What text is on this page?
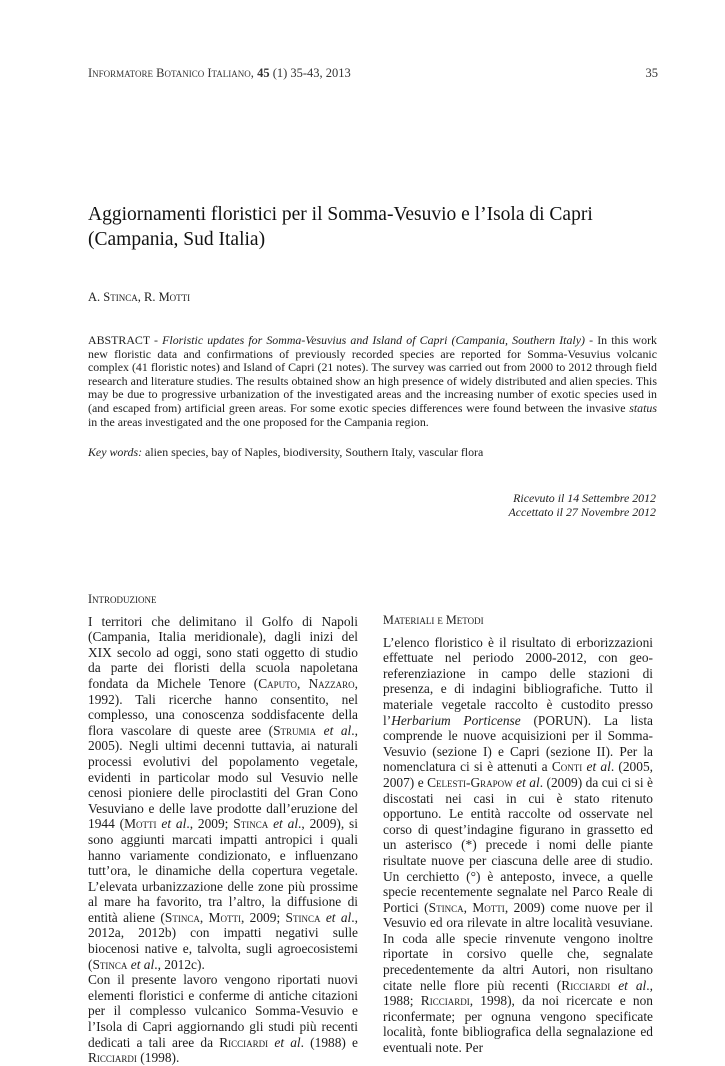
Informatore Botanico Italiano, 45 (1) 35-43, 2013	35
Aggiornamenti floristici per il Somma-Vesuvio e l’Isola di Capri
(Campania, Sud Italia)
A. Stinca, R. Motti
ABSTRACT - Floristic updates for Somma-Vesuvius and Island of Capri (Campania, Southern Italy) - In this work new floristic data and confirmations of previously recorded species are reported for Somma-Vesuvius volcanic complex (41 floristic notes) and Island of Capri (21 notes). The survey was carried out from 2000 to 2012 through field research and literature studies. The results obtained show an high presence of widely distributed and alien species. This may be due to progressive urbanization of the investigated areas and the increasing number of exotic species used in (and escaped from) artificial green areas. For some exotic species differences were found between the invasive status in the areas investigated and the one proposed for the Campania region.
Key words: alien species, bay of Naples, biodiversity, Southern Italy, vascular flora
Ricevuto il 14 Settembre 2012
Accettato il 27 Novembre 2012
Introduzione

I territori che delimitano il Golfo di Napoli (Campania, Italia meridionale), dagli inizi del XIX secolo ad oggi, sono stati oggetto di studio da parte dei floristi della scuola napoletana fondata da Michele Tenore (Caputo, Nazzaro, 1992). Tali ricerche hanno consentito, nel complesso, una conoscenza soddisfacente della flora vascolare di queste aree (Strumia et al., 2005). Negli ultimi decenni tuttavia, ai naturali processi evolutivi del popolamento vegetale, evidenti in particolar modo sul Vesuvio nelle cenosi pioniere delle piroclastiti del Gran Cono Vesuviano e delle lave prodotte dall’eruzione del 1944 (Motti et al., 2009; Stinca et al., 2009), si sono aggiunti marcati impatti antropici i quali hanno variamente condizionato, e influenzano tutt’ora, le dinamiche della copertura vegetale. L’elevata urbanizzazione delle zone più prossime al mare ha favorito, tra l’altro, la diffusione di entità aliene (Stinca, Motti, 2009; Stinca et al., 2012a, 2012b) con impatti negativi sulle biocenosi native e, talvolta, sugli agroecosistemi (Stinca et al., 2012c).

Con il presente lavoro vengono riportati nuovi elementi floristici e conferme di antiche citazioni per il complesso vulcanico Somma-Vesuvio e l’Isola di Capri aggiornando gli studi più recenti dedicati a tali aree da Ricciardi et al. (1988) e Ricciardi (1998).

Materiali e Metodi

L’elenco floristico è il risultato di erborizzazioni effettuate nel periodo 2000-2012, con geo-referenziazione in campo delle stazioni di presenza, e di indagini bibliografiche. Tutto il materiale vegetale raccolto è custodito presso l’Herbarium Porticense (PORUN). La lista comprende le nuove acquisizioni per il Somma-Vesuvio (sezione I) e Capri (sezione II). Per la nomenclatura ci si è attenuti a Conti et al. (2005, 2007) e Celesti-Grapow et al. (2009) da cui ci si è discostati nei casi in cui è stato ritenuto opportuno. Le entità raccolte od osservate nel corso di quest’indagine figurano in grassetto ed un asterisco (*) precede i nomi delle piante risultate nuove per ciascuna delle aree di studio. Un cerchietto (°) è anteposto, invece, a quelle specie recentemente segnalate nel Parco Reale di Portici (Stinca, Motti, 2009) come nuove per il Vesuvio ed ora rilevate in altre località vesuviane. In coda alle specie rinvenute vengono inoltre riportate in corsivo quelle che, segnalate precedentemente da altri Autori, non risultano citate nelle flore più recenti (Ricciardi et al., 1988; Ricciardi, 1998), da noi ricercate e non riconfermate; per ognuna vengono specificate località, fonte bibliografica della segnalazione ed eventuali note. Per
